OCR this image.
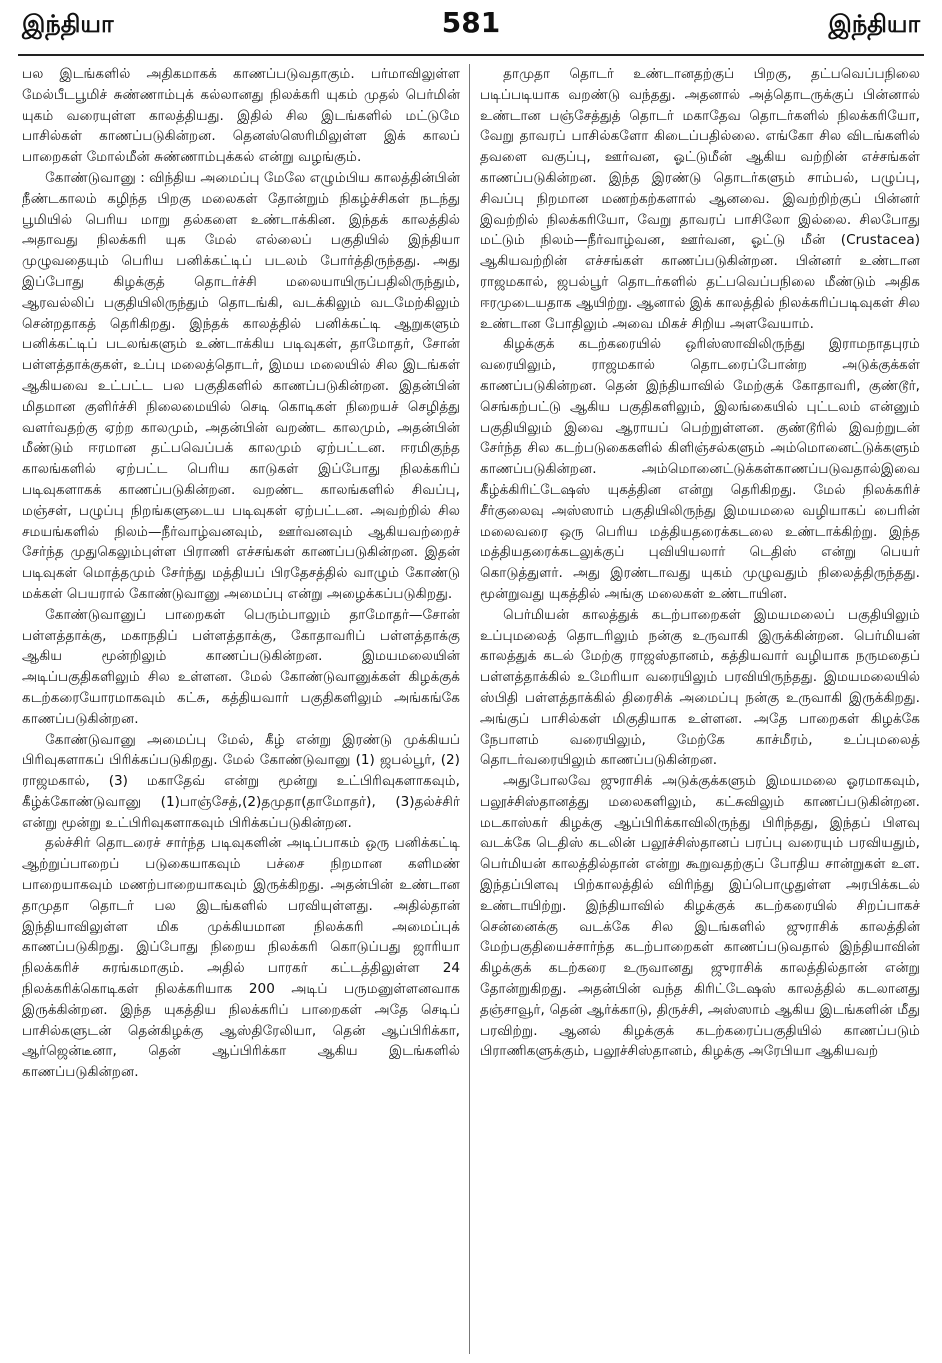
இந்தியா	581	இந்தியா

பல இடங்களில் அதிகமாகக் காணப்படுவதாகும். பர்மாவிலுள்ள மேல்பீடபூமிச் சுண்ணாம்புக் கல்லானது நிலக்கரி யுகம் முதல் பெர்மின் யுகம் வரையுள்ள காலத்தியது. இதில் சில இடங்களில் மட்டுமே பாசில்கள் காணப்படுகின்றன. தெனஸ்ஸெரிமிலுள்ள இக் காலப் பாறைகள் மோல்மீன் சுண்ணாம்புக்கல் என்று வழங்கும்.

கோண்டுவானு : விந்திய அமைப்பு மேலே எழும்பிய காலத்தின்பின் நீண்டகாலம் கழிந்த பிறகு மலைகள் தோன்றும் நிகழ்ச்சிகள் நடந்து பூமியில் பெரிய மாறு தல்களை உண்டாக்கின. இந்தக் காலத்தில் அதாவது நிலக்கரி யுக மேல் எல்லைப் பகுதியில் இந்தியா முழுவதையும் பெரிய பனிக்கட்டிப் படலம் போர்த்திருந்தது. அது இப்போது கிழக்குத் தொடர்ச்சி மலையாயிருப்பதிலிருந்தும், ஆரவல்லிப் பகுதியிலிருந்தும் தொடங்கி, வடக்கிலும் வடமேற்கிலும் சென்றதாகத் தெரிகிறது. இந்தக் காலத்தில் பனிக்கட்டி ஆறுகளும் பனிக்கட்டிப் படலங்களும் உண்டாக்கிய படிவுகள், தாமோதர், சோன் பள்ளத்தாக்குகள், உப்பு மலைத்தொடர், இமய மலையில் சில இடங்கள் ஆகியவை உட்பட்ட பல பகுதிகளில் காணப்படுகின்றன. இதன்பின் மிதமான குளிர்ச்சி நிலைமையில் செடி கொடிகள் நிறையச் செழித்து வளர்வதற்கு ஏற்ற காலமும், அதன்பின் வறண்ட காலமும், அதன்பின் மீண்டும் ஈரமான தட்பவெப்பக் காலமும் ஏற்பட்டன. ஈரமிகுந்த காலங்களில் ஏற்பட்ட பெரிய காடுகள் இப்போது நிலக்கரிப் படிவுகளாகக் காணப்படுகின்றன. வறண்ட காலங்களில் சிவப்பு, மஞ்சள், பழுப்பு நிறங்களுடைய படிவுகள் ஏற்பட்டன. அவற்றில் சில சமயங்களில் நிலம்—நீர்வாழ்வனவும், ஊர்வனவும் ஆகியவற்றைச் சேர்ந்த முதுகெலும்புள்ள பிராணி எச்சங்கள் காணப்படுகின்றன. இதன் படிவுகள் மொத்தமும் சேர்ந்து மத்தியப் பிரதேசத்தில் வாழும் கோண்டு மக்கள் பெயரால் கோண்டுவானு அமைப்பு என்று அழைக்கப்படுகிறது.

கோண்டுவானுப் பாறைகள் பெரும்பாலும் தாமோதர்—சோன் பள்ளத்தாக்கு, மகாநதிப் பள்ளத்தாக்கு, கோதாவரிப் பள்ளத்தாக்கு ஆகிய மூன்றிலும் காணப்படுகின்றன. இமயமலையின் அடிப்பகுதிகளிலும் சில உள்ளன. மேல் கோண்டுவானுக்கள் கிழக்குக் கடற்கரையோரமாகவும் கட்சு, கத்தியவார் பகுதிகளிலும் அங்கங்கே காணப்படுகின்றன.

கோண்டுவானு அமைப்பு மேல், கீழ் என்று இரண்டு முக்கியப் பிரிவுகளாகப் பிரிக்கப்படுகிறது. மேல் கோண்டுவானு (1) ஜபல்பூர், (2) ராஜமகால், (3) மகாதேவ் என்று மூன்று உட்பிரிவுகளாகவும், கீழ்க்கோண்டுவானு (1)பாஞ்சேத்,(2)தமுதா(தாமோதர்), (3)தல்ச்சிர் என்று மூன்று உட்பிரிவுகளாகவும் பிரிக்கப்படுகின்றன.

தல்ச்சிர் தொடரைச் சார்ந்த படிவுகளின் அடிப்பாகம் ஒரு பனிக்கட்டி ஆற்றுப்பாறைப் படுகையாகவும் பச்சை நிறமான களிமண் பாறையாகவும் மணற்பாறையாகவும் இருக்கிறது. அதன்பின் உண்டான தாமுதா தொடர் பல இடங்களில் பரவியுள்ளது. அதில்தான் இந்தியாவிலுள்ள மிக முக்கியமான நிலக்கரி அமைப்புக் காணப்படுகிறது. இப்போது நிறைய நிலக்கரி கொடுப்பது ஜாரியா நிலக்கரிச் சுரங்கமாகும். அதில் பாரகர் கட்டத்திலுள்ள 24 நிலக்கரிக்கொடிகள் நிலக்கரியாக 200 அடிப் பருமனுள்ளனவாக இருக்கின்றன. இந்த யுகத்திய நிலக்கரிப் பாறைகள் அதே செடிப் பாசில்களுடன் தென்கிழக்கு ஆஸ்திரேலியா, தென் ஆப்பிரிக்கா, ஆர்ஜென்டீனா, தென் ஆப்பிரிக்கா ஆகிய இடங்களில் காணப்படுகின்றன.

தாமுதா தொடர் உண்டானதற்குப் பிறகு, தட்பவெப்பநிலை படிப்படியாக வறண்டு வந்தது. அதனால் அத்தொடருக்குப் பின்னால் உண்டான பஞ்சேத்துத் தொடர் மகாதேவ தொடர்களில் நிலக்கரியோ, வேறு தாவரப் பாசில்களோ கிடைப்பதில்லை. எங்கோ சில விடங்களில் தவளை வகுப்பு, ஊர்வன, ஓட்டுமீன் ஆகிய வற்றின் எச்சங்கள் காணப்படுகின்றன. இந்த இரண்டு தொடர்களும் சாம்பல், பழுப்பு, சிவப்பு நிறமான மணற்கற்களால் ஆனவை. இவற்றிற்குப் பின்னர் இவற்றில் நிலக்கரியோ, வேறு தாவரப் பாசிலோ இல்லை. சிலபோது மட்டும் நிலம்—நீர்வாழ்வன, ஊர்வன, ஓட்டு மீன் (Crustacea) ஆகியவற்றின் எச்சங்கள் காணப்படுகின்றன. பின்னர் உண்டான ராஜமகால், ஜபல்பூர் தொடர்களில் தட்பவெப்பநிலை மீண்டும் அதிக ஈரமுடையதாக ஆயிற்று. ஆனால் இக் காலத்தில் நிலக்கரிப்படிவுகள் சில உண்டான போதிலும் அவை மிகச் சிறிய அளவேயாம்.

கிழக்குக் கடற்கரையில் ஒரிஸ்ஸாவிலிருந்து இராமநாதபுரம் வரையிலும், ராஜமகால் தொடரைப்போன்ற அடுக்குக்கள் காணப்படுகின்றன. தென் இந்தியாவில் மேற்குக் கோதாவரி, குண்டூர், செங்கற்பட்டு ஆகிய பகுதிகளிலும், இலங்கையில் புட்டலம் என்னும் பகுதியிலும் இவை ஆராயப் பெற்றுள்ளன. குண்டூரில் இவற்றுடன் சேர்ந்த சில கடற்படுகைகளில் கிளிஞ்சல்களும் அம்மொனைட்டுக்களும் காணப்படுகின்றன. அம்மொனைட்டுக்கள்காணப்படுவதால்இவை கீழ்க்கிரிட்டேஷஸ் யுகத்தின என்று தெரிகிறது. மேல் நிலக்கரிச் சீர்குலைவு அஸ்ஸாம் பகுதியிலிருந்து இமயமலை வழியாகப் பைரின் மலைவரை ஒரு பெரிய மத்தியதரைக்கடலை உண்டாக்கிற்று. இந்த மத்தியதரைக்கடலுக்குப் புவியியலார் டெதிஸ் என்று பெயர் கொடுத்துளர். அது இரண்டாவது யுகம் முழுவதும் நிலைத்திருந்தது. மூன்றுவது யுகத்தில் அங்கு மலைகள் உண்டாயின.

பெர்மியன் காலத்துக் கடற்பாறைகள் இமயமலைப் பகுதியிலும் உப்புமலைத் தொடரிலும் நன்கு உருவாகி இருக்கின்றன. பெர்மியன் காலத்துக் கடல் மேற்கு ராஜஸ்தானம், கத்தியவார் வழியாக நருமதைப் பள்ளத்தாக்கில் உமேரியா வரையிலும் பரவியிருந்தது. இமயமலையில் ஸ்பிதி பள்ளத்தாக்கில் திரைசிக் அமைப்பு நன்கு உருவாகி இருக்கிறது. அங்குப் பாசில்கள் மிகுதியாக உள்ளன. அதே பாறைகள் கிழக்கே நேபாளம் வரையிலும், மேற்கே காச்மீரம், உப்புமலைத் தொடர்வரையிலும் காணப்படுகின்றன.

அதுபோலவே ஜுராசிக் அடுக்குக்களும் இமயமலை ஓரமாகவும், பலூச்சிஸ்தானத்து மலைகளிலும், கட்சுவிலும் காணப்படுகின்றன. மடகாஸ்கர் கிழக்கு ஆப்பிரிக்காவிலிருந்து பிரிந்தது, இந்தப் பிளவு வடக்கே டெதிஸ் கடலின் பலூச்சிஸ்தானப் பரப்பு வரையும் பரவியதும், பெர்மியன் காலத்தில்தான் என்று கூறுவதற்குப் போதிய சான்றுகள் உள. இந்தப்பிளவு பிற்காலத்தில் விரிந்து இப்பொழுதுள்ள அரபிக்கடல் உண்டாயிற்று. இந்தியாவில் கிழக்குக் கடற்கரையில் சிறப்பாகச் சென்னைக்கு வடக்கே சில இடங்களில் ஜுராசிக் காலத்தின் மேற்பகுதியைச்சார்ந்த கடற்பாறைகள் காணப்படுவதால் இந்தியாவின் கிழக்குக் கடற்கரை உருவானது ஜுராசிக் காலத்தில்தான் என்று தோன்றுகிறது. அதன்பின் வந்த கிரிட்டேஷஸ் காலத்தில் கடலானது தஞ்சாவூர், தென் ஆர்க்காடு, திருச்சி, அஸ்ஸாம் ஆகிய இடங்களின் மீது பரவிற்று. ஆனல் கிழக்குக் கடற்கரைப்பகுதியில் காணப்படும் பிராணிகளுக்கும், பலூச்சிஸ்தானம், கிழக்கு அரேபியா ஆகியவற்
